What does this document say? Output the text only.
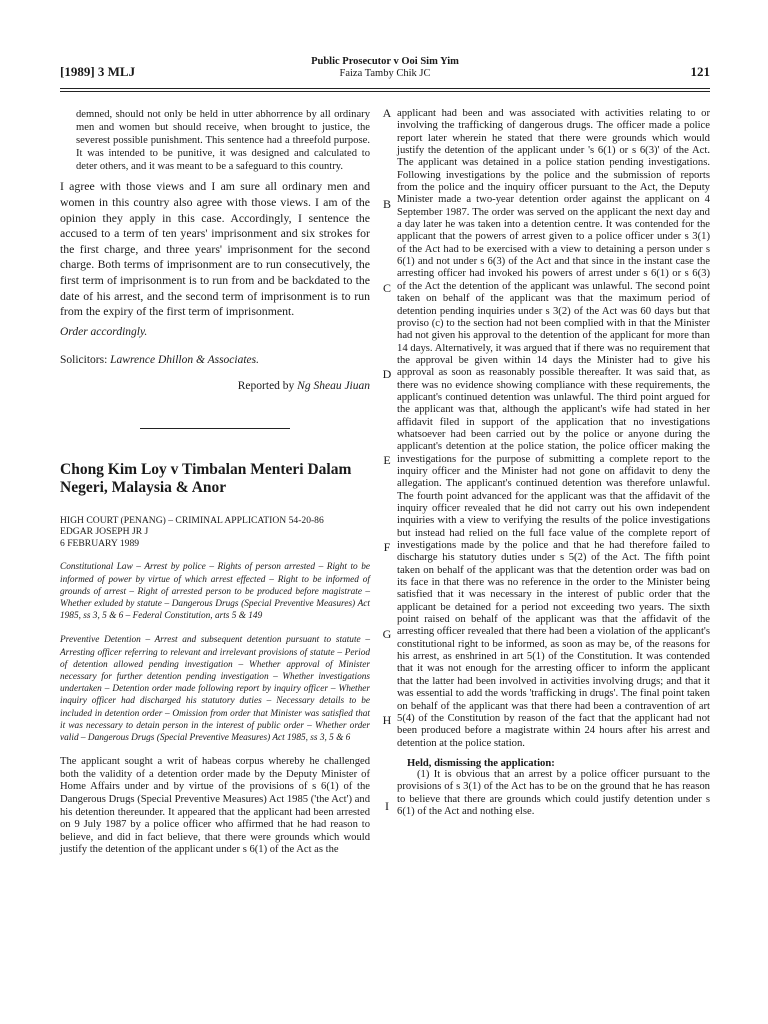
[1989] 3 MLJ
Public Prosecutor v Ooi Sim Yim
Faiza Tamby Chik JC	121

demned, should not only be held in utter abhorrence by all ordinary men and women but should receive, when brought to justice, the severest possible punishment. This sentence had a threefold purpose. It was intended to be punitive, it was designed and calculated to deter others, and it was meant to be a safeguard to this country.

I agree with those views and I am sure all ordinary men and women in this country also agree with those views. I am of the opinion they apply in this case. Accordingly, I sentence the accused to a term of ten years' imprisonment and six strokes for the first charge, and three years' imprisonment for the second charge. Both terms of imprisonment are to run consecutively, the first term of imprisonment is to run from and be backdated to the date of his arrest, and the second term of imprisonment is to run from the expiry of the first term of imprisonment.

Order accordingly.

Solicitors: Lawrence Dhillon & Associates.

Reported by Ng Sheau Jiuan

Chong Kim Loy v Timbalan Menteri Dalam Negeri, Malaysia & Anor
HIGH COURT (PENANG) – CRIMINAL APPLICATION 54-20-86
EDGAR JOSEPH JR J
6 FEBRUARY 1989

Constitutional Law – Arrest by police – Rights of person arrested – Right to be informed of power by virtue of which arrest effected – Right to be informed of grounds of arrest – Right of arrested person to be produced before magistrate – Whether exluded by statute – Dangerous Drugs (Special Preventive Measures) Act 1985, ss 3, 5 & 6 – Federal Constitution, arts 5 & 149

Preventive Detention – Arrest and subsequent detention pursuant to statute – Arresting officer referring to relevant and irrelevant provisions of statute – Period of detention allowed pending investigation – Whether approval of Minister necessary for further detention pending investigation – Whether investigations undertaken – Detention order made following report by inquiry officer – Whether inquiry officer had discharged his statutory duties – Necessary details to be included in detention order – Omission from order that Minister was satisfied that it was necessary to detain person in the interest of public order – Whether order valid – Dangerous Drugs (Special Preventive Measures) Act 1985, ss 3, 5 & 6

The applicant sought a writ of habeas corpus whereby he challenged both the validity of a detention order made by the Deputy Minister of Home Affairs under and by virtue of the provisions of s 6(1) of the Dangerous Drugs (Special Preventive Measures) Act 1985 ('the Act') and his detention thereunder. It appeared that the applicant had been arrested on 9 July 1987 by a police officer who affirmed that he had reason to believe, and did in fact believe, that there were grounds which would justify the detention of the applicant under s 6(1) of the Act as the

A
B
C
D
E
F
G
H
I

applicant had been and was associated with activities relating to or involving the trafficking of dangerous drugs. The officer made a police report later wherein he stated that there were grounds which would justify the detention of the applicant under 's 6(1) or s 6(3)' of the Act. The applicant was detained in a police station pending investigations. Following investigations by the police and the submission of reports from the police and the inquiry officer pursuant to the Act, the Deputy Minister made a two-year detention order against the applicant on 4 September 1987. The order was served on the applicant the next day and a day later he was taken into a detention centre. It was contended for the applicant that the powers of arrest given to a police officer under s 3(1) of the Act had to be exercised with a view to detaining a person under s 6(1) and not under s 6(3) of the Act and that since in the instant case the arresting officer had invoked his powers of arrest under s 6(1) or s 6(3) of the Act the detention of the applicant was unlawful. The second point taken on behalf of the applicant was that the maximum period of detention pending inquiries under s 3(2) of the Act was 60 days but that proviso (c) to the section had not been complied with in that the Minister had not given his approval to the detention of the applicant for more than 14 days. Alternatively, it was argued that if there was no requirement that the approval be given within 14 days the Minister had to give his approval as soon as reasonably possible thereafter. It was said that, as there was no evidence showing compliance with these requirements, the applicant's continued detention was unlawful. The third point argued for the applicant was that, although the applicant's wife had stated in her affidavit filed in support of the application that no investigations whatsoever had been carried out by the police or anyone during the applicant's detention at the police station, the police officer making the investigations for the purpose of submitting a complete report to the inquiry officer and the Minister had not gone on affidavit to deny the allegation. The applicant's continued detention was therefore unlawful. The fourth point advanced for the applicant was that the affidavit of the inquiry officer revealed that he did not carry out his own independent inquiries with a view to verifying the results of the police investigations but instead had relied on the full face value of the complete report of investigations made by the police and that he had therefore failed to discharge his statutory duties under s 5(2) of the Act. The fifth point taken on behalf of the applicant was that the detention order was bad on its face in that there was no reference in the order to the Minister being satisfied that it was necessary in the interest of public order that the applicant be detained for a period not exceeding two years. The sixth point raised on behalf of the applicant was that the affidavit of the arresting officer revealed that there had been a violation of the applicant's constitutional right to be informed, as soon as may be, of the reasons for his arrest, as enshrined in art 5(1) of the Constitution. It was contended that it was not enough for the arresting officer to inform the applicant that the latter had been involved in activities involving drugs; and that it was essential to add the words 'trafficking in drugs'. The final point taken on behalf of the applicant was that there had been a contravention of art 5(4) of the Constitution by reason of the fact that the applicant had not been produced before a magistrate within 24 hours after his arrest and detention at the police station.

Held, dismissing the application:

(1) It is obvious that an arrest by a police officer pursuant to the provisions of s 3(1) of the Act has to be on the ground that he has reason to believe that there are grounds which could justify detention under s 6(1) of the Act and nothing else.
